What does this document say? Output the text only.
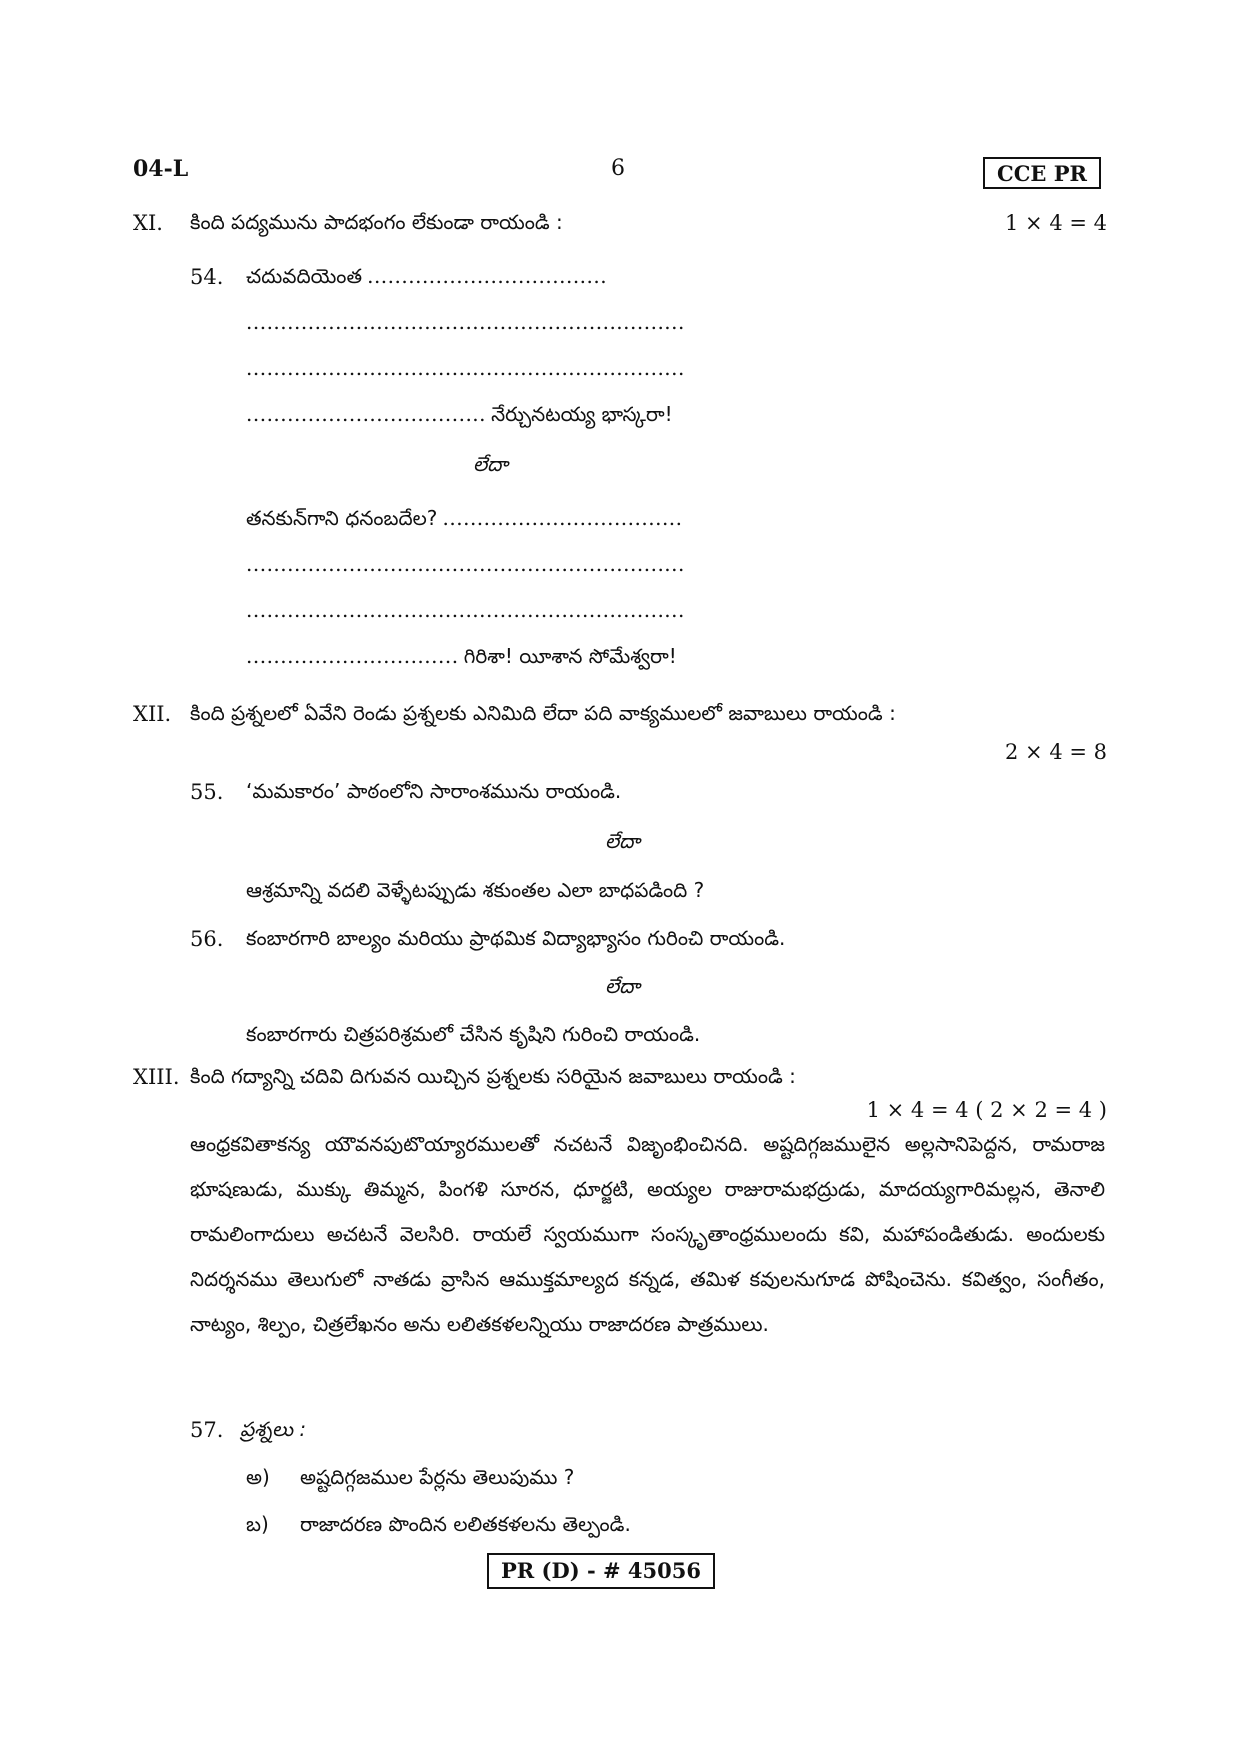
04-L	6	CCE PR
XI. కింది పద్యమును పాదభంగం లేకుండా రాయండి :	1 × 4 = 4
54. చదువదియెంత ...................................
................................................................
................................................................
................................... నేర్చునటయ్య భాస్కరా!
లేదా
తనకున్‌గాని ధనంబదేల? ...................................
................................................................
................................................................
............................... గిరిశా! యీశాన సోమేశ్వరా!
XII. కింది ప్రశ్నలలో ఏవేని రెండు ప్రశ్నలకు ఎనిమిది లేదా పది వాక్యములలో జవాబులు రాయండి :
2 × 4 = 8
55. ‘మమకారం’ పాఠంలోని సారాంశమును రాయండి.
లేదా
ఆశ్రమాన్ని వదలి వెళ్ళేటప్పుడు శకుంతల ఎలా బాధపడింది ?
56. కంబారగారి బాల్యం మరియు ప్రాథమిక విద్యాభ్యాసం గురించి రాయండి.
లేదా
కంబారగారు చిత్రపరిశ్రమలో చేసిన కృషిని గురించి రాయండి.
XIII. కింది గద్యాన్ని చదివి దిగువన యిచ్చిన ప్రశ్నలకు సరియైన జవాబులు రాయండి :
1 × 4 = 4 ( 2 × 2 = 4 )
ఆంధ్రకవితాకన్య యౌవనపుటొయ్యారములతో నచటనే విజృంభించినది. అష్టదిగ్గజములైన అల్లసానిపెద్దన, రామరాజ భూషణుడు, ముక్కు తిమ్మన, పింగళి సూరన, ధూర్జటి, అయ్యల రాజురామభద్రుడు, మాదయ్యగారిమల్లన, తెనాలి రామలింగాదులు అచటనే వెలసిరి. రాయలే స్వయముగా సంస్కృతాంధ్రములందు కవి, మహాపండితుడు. అందులకు నిదర్శనము తెలుగులో నాతడు వ్రాసిన ఆముక్తమాల్యద కన్నడ, తమిళ కవులనుగూడ పోషించెను. కవిత్వం, సంగీతం, నాట్యం, శిల్పం, చిత్రలేఖనం అను లలితకళలన్నియు రాజాదరణ పాత్రములు.
57. ప్రశ్నలు :
అ) అష్టదిగ్గజముల పేర్లను తెలుపుము ?
బ) రాజాదరణ పొందిన లలితకళలను తెల్పండి.
PR (D) - # 45056
